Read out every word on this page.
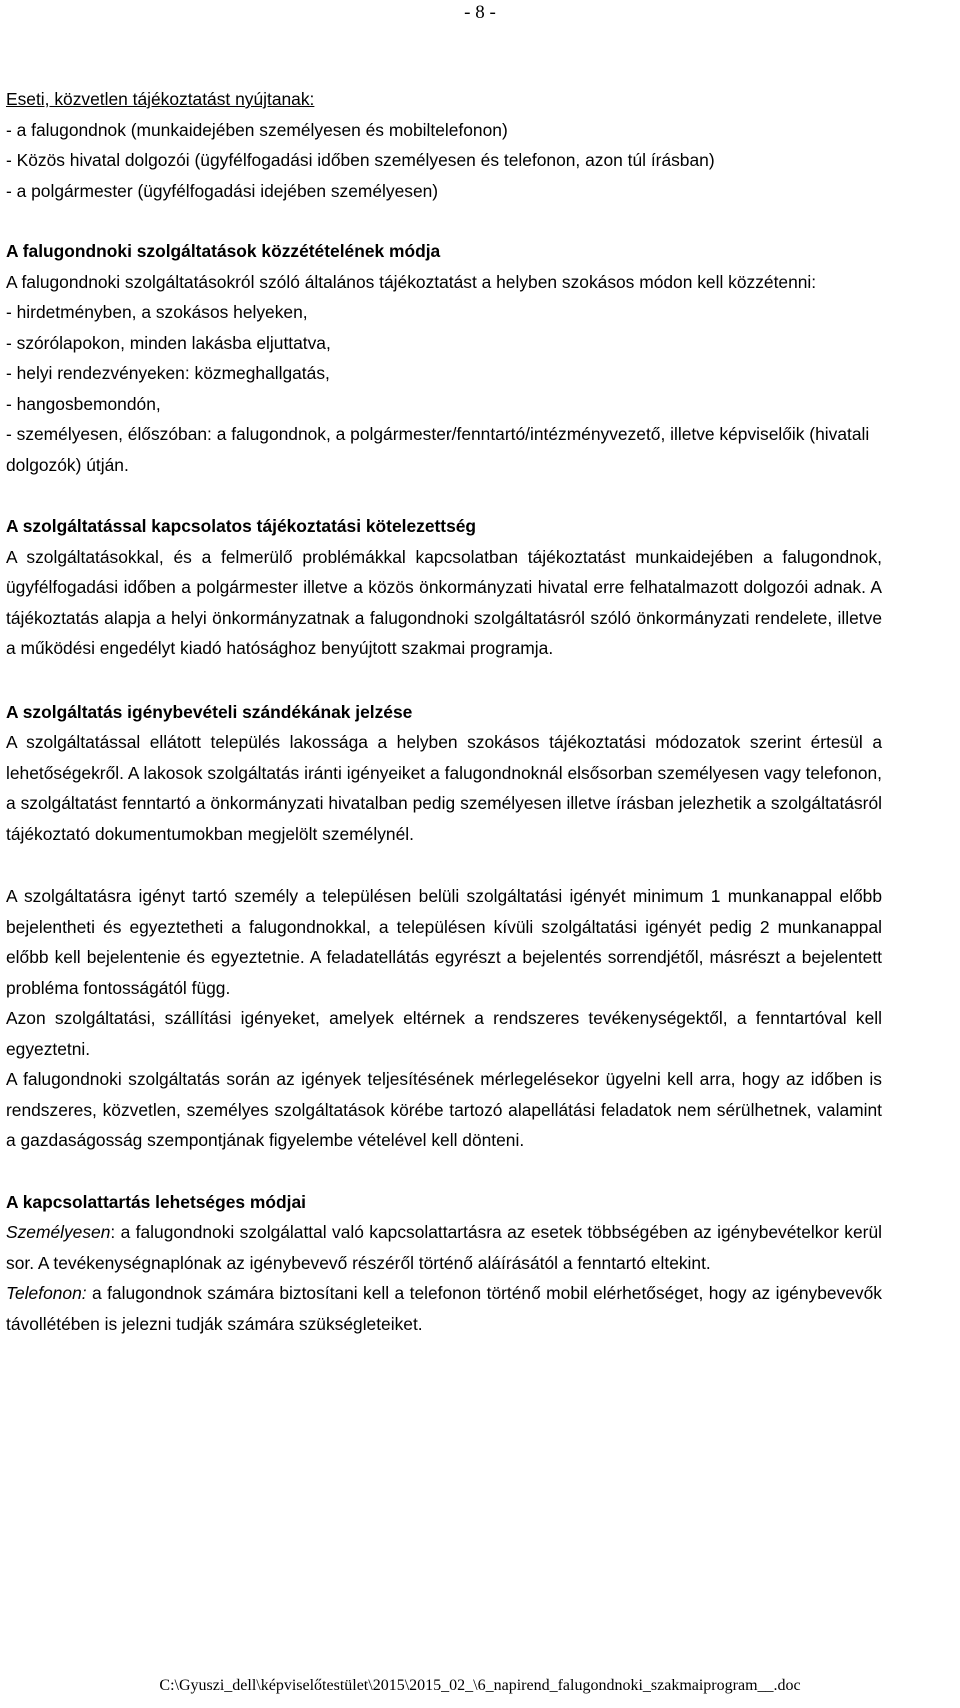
- 8 -

Eseti, közvetlen tájékoztatást nyújtanak:

- a falugondnok (munkaidejében személyesen és mobiltelefonon)

- Közös hivatal dolgozói (ügyfélfogadási időben személyesen és telefonon, azon túl írásban)

- a polgármester (ügyfélfogadási idejében személyesen)

A falugondnoki szolgáltatások közzétételének módja

A falugondnoki szolgáltatásokról szóló általános tájékoztatást a helyben szokásos módon kell közzétenni:

- hirdetményben, a szokásos helyeken,

- szórólapokon, minden lakásba eljuttatva,

- helyi rendezvényeken: közmeghallgatás,

- hangosbemondón,

- személyesen, élőszóban: a falugondnok, a polgármester/fenntartó/intézményvezető, illetve képviselőik (hivatali dolgozók) útján.

A szolgáltatással kapcsolatos tájékoztatási kötelezettség

A szolgáltatásokkal, és a felmerülő problémákkal kapcsolatban tájékoztatást munkaidejében a falugondnok, ügyfélfogadási időben a polgármester illetve a közös önkormányzati hivatal erre felhatalmazott dolgozói adnak. A tájékoztatás alapja a helyi önkormányzatnak a falugondnoki szolgáltatásról szóló önkormányzati rendelete, illetve a működési engedélyt kiadó hatósághoz benyújtott szakmai programja.

A szolgáltatás igénybevételi szándékának jelzése

A szolgáltatással ellátott település lakossága a helyben szokásos tájékoztatási módozatok szerint értesül a lehetőségekről. A lakosok szolgáltatás iránti igényeiket a falugondnoknál elsősorban személyesen vagy telefonon, a szolgáltatást fenntartó a önkormányzati hivatalban pedig személyesen illetve írásban jelezhetik a szolgáltatásról tájékoztató dokumentumokban megjelölt személynél.

A szolgáltatásra igényt tartó személy a településen belüli szolgáltatási igényét minimum 1 munkanappal előbb bejelentheti és egyeztetheti a falugondnokkal, a településen kívüli szolgáltatási igényét pedig 2 munkanappal előbb kell bejelentenie és egyeztetnie. A feladatellátás egyrészt a bejelentés sorrendjétől, másrészt a bejelentett probléma fontosságától függ.

Azon szolgáltatási, szállítási igényeket, amelyek eltérnek a rendszeres tevékenységektől, a fenntartóval kell egyeztetni.

A falugondnoki szolgáltatás során az igények teljesítésének mérlegelésekor ügyelni kell arra, hogy az időben is rendszeres, közvetlen, személyes szolgáltatások körébe tartozó alapellátási feladatok nem sérülhetnek, valamint a gazdaságosság szempontjának figyelembe vételével kell dönteni.

A kapcsolattartás lehetséges módjai

Személyesen: a falugondnoki szolgálattal való kapcsolattartásra az esetek többségében az igénybevételkor kerül sor. A tevékenységnaplónak az igénybevevő részéről történő aláírásától a fenntartó eltekint.

Telefonon: a falugondnok számára biztosítani kell a telefonon történő mobil elérhetőséget, hogy az igénybevevők távollétében is jelezni tudják számára szükségleteiket.

C:\Gyuszi_dell\képviselőtestület\2015\2015_02_\6_napirend_falugondnoki_szakmaiprogram__.doc
